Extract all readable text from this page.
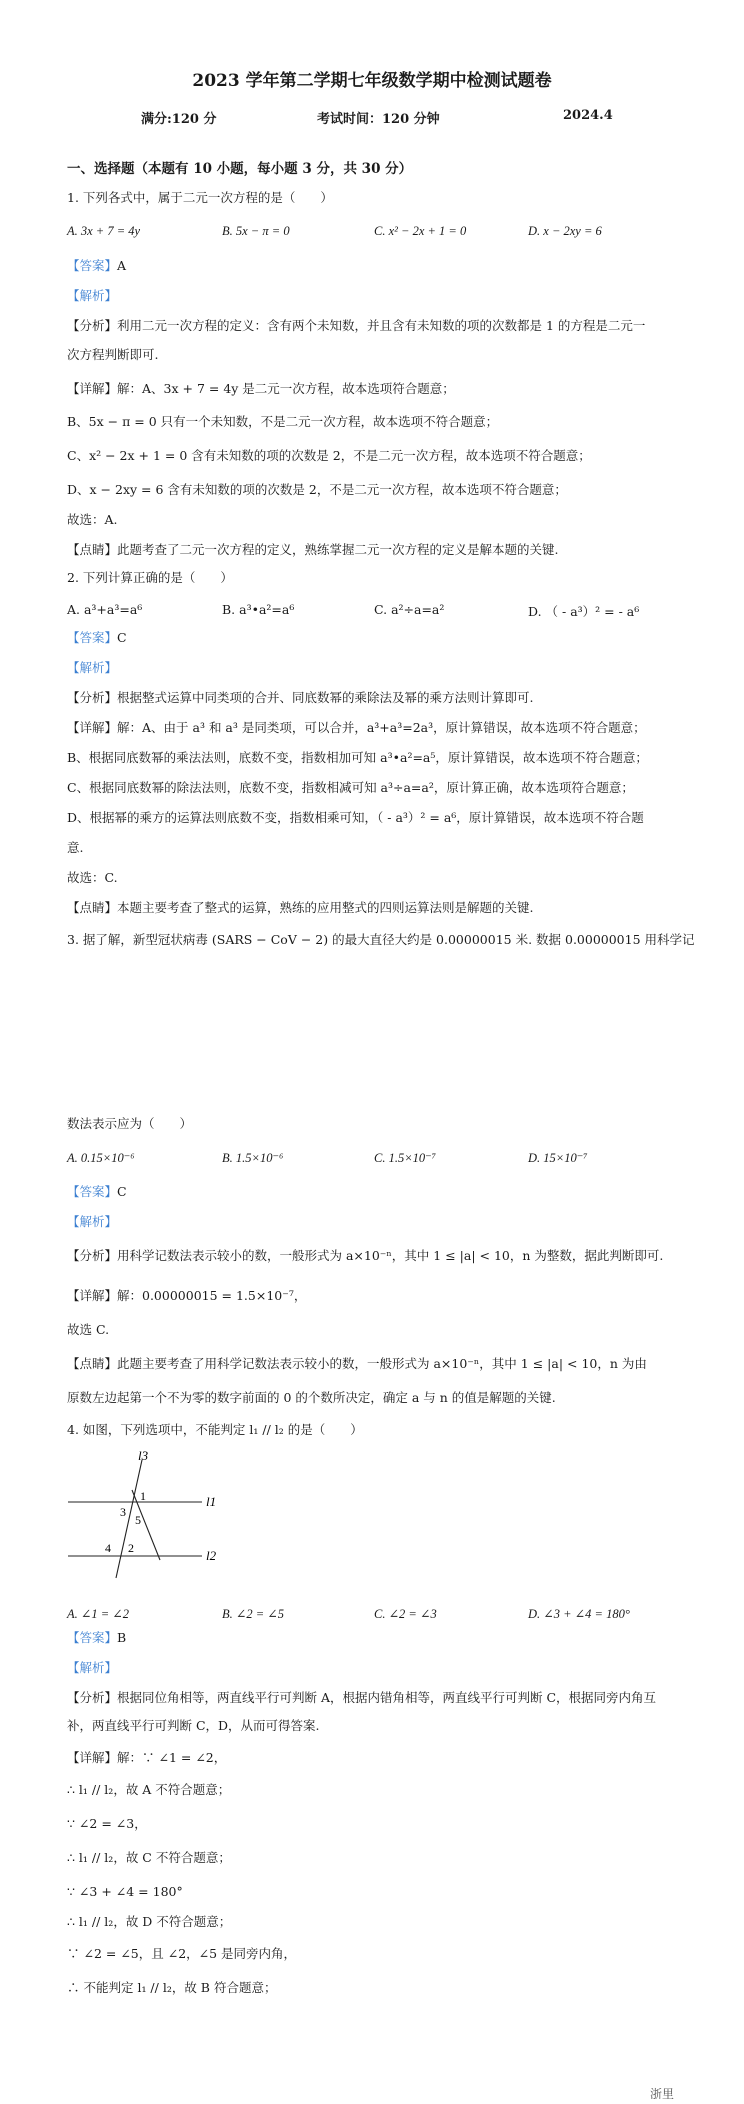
2023 学年第二学期七年级数学期中检测试题卷
满分:120 分	考试时间：120 分钟	2024.4
一、选择题（本题有 10 小题，每小题 3 分，共 30 分）
1. 下列各式中，属于二元一次方程的是（　　）
A. 3x + 7 = 4y	B. 5x − π = 0	C. x² − 2x + 1 = 0	D. x − 2xy = 6
【答案】A
【解析】
【分析】利用二元一次方程的定义：含有两个未知数，并且含有未知数的项的次数都是 1 的方程是二元一
次方程判断即可.
【详解】解：A、3x + 7 = 4y 是二元一次方程，故本选项符合题意；
B、5x − π = 0 只有一个未知数，不是二元一次方程，故本选项不符合题意；
C、x² − 2x + 1 = 0 含有未知数的项的次数是 2，不是二元一次方程，故本选项不符合题意；
D、x − 2xy = 6 含有未知数的项的次数是 2，不是二元一次方程，故本选项不符合题意；
故选：A.
【点睛】此题考查了二元一次方程的定义，熟练掌握二元一次方程的定义是解本题的关键.
2. 下列计算正确的是（　　）
A. a³+a³=a⁶	B. a³•a²=a⁶	C. a²÷a=a²	D. （ - a³）² = - a⁶
【答案】C
【解析】
【分析】根据整式运算中同类项的合并、同底数幂的乘除法及幂的乘方法则计算即可.
【详解】解：A、由于 a³ 和 a³ 是同类项，可以合并，a³+a³=2a³，原计算错误，故本选项不符合题意；
B、根据同底数幂的乘法法则，底数不变，指数相加可知 a³•a²=a⁵，原计算错误，故本选项不符合题意；
C、根据同底数幂的除法法则，底数不变，指数相减可知 a³÷a=a²，原计算正确，故本选项符合题意；
D、根据幂的乘方的运算法则底数不变，指数相乘可知，（ - a³）² = a⁶，原计算错误，故本选项不符合题
意.
故选：C.
【点睛】本题主要考查了整式的运算，熟练的应用整式的四则运算法则是解题的关键.
3. 据了解，新型冠状病毒 (SARS − CoV − 2) 的最大直径大约是 0.00000015 米. 数据 0.00000015 用科学记
数法表示应为（　　）
A. 0.15×10⁻⁶	B. 1.5×10⁻⁶	C. 1.5×10⁻⁷	D. 15×10⁻⁷
【答案】C
【解析】
【分析】用科学记数法表示较小的数，一般形式为 a×10⁻ⁿ，其中 1 ≤ |a| < 10，n 为整数，据此判断即可.
【详解】解：0.00000015 = 1.5×10⁻⁷，
故选 C.
【点睛】此题主要考查了用科学记数法表示较小的数，一般形式为 a×10⁻ⁿ，其中 1 ≤ |a| < 10，n 为由
原数左边起第一个不为零的数字前面的 0 的个数所决定，确定 a 与 n 的值是解题的关键.
4. 如图，下列选项中，不能判定 l₁ // l₂ 的是（　　）
l3
l1
l2
1
3
5
4 2
A. ∠1 = ∠2	B. ∠2 = ∠5	C. ∠2 = ∠3	D. ∠3 + ∠4 = 180°
【答案】B
【解析】
【分析】根据同位角相等，两直线平行可判断 A，根据内错角相等，两直线平行可判断 C，根据同旁内角互
补，两直线平行可判断 C，D，从而可得答案.
【详解】解：∵ ∠1 = ∠2，
∴ l₁ // l₂，故 A 不符合题意；
∵ ∠2 = ∠3，
∴ l₁ // l₂，故 C 不符合题意；
∵ ∠3 + ∠4 = 180°
∴ l₁ // l₂，故 D 不符合题意；
∵ ∠2 = ∠5，且 ∠2，∠5 是同旁内角，
∴ 不能判定 l₁ // l₂，故 B 符合题意；
浙里
